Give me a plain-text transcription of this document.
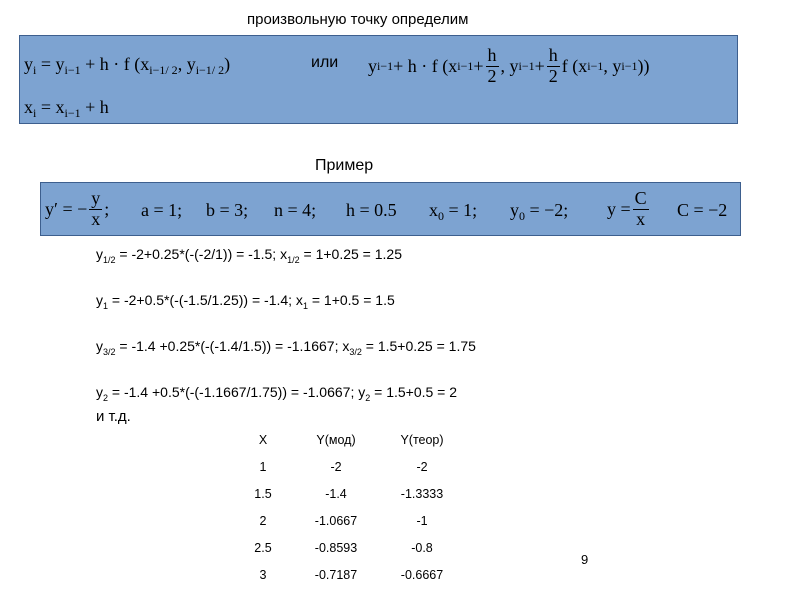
произвольную точку определим
$y_i = y_{i-1} + h \cdot f$ ($x_{i-1/ 2}$, $y_{i-1/ 2}$)	или y i−1 + h · f (x $i-1 + \frac{h}{2}$ , y $i-1 + \frac{h}{2}$ f (x i−1 , y i−1 ))
$x_i = x_{i-1} + h$
Пример
y′ = − $\frac{y}{x}$ ; a = 1; b = 3; n = 4; h = 0.5 $x_0 = 1$; $y_0 = -2$; $y = \frac{C}{x}$ C = −2
$y_{1/2} = -2+0.25*(-(-2/1)) = -1.5$; $x_{1/2} = 1+0.25 = 1.25$
$y_1 = -2+0.5*(-(-1.5/1.25)) = -1.4$; $x_1 = 1+0.5 = 1.5$
$y_{3/2} = -1.4 +0.25*(-(-1.4/1.5)) = -1.1667$; $x_{3/2} = 1.5+0.25 = 1.75$
$y_2 = -1.4 +0.5*(-(-1.1667/1.75)) = -1.0667$; $y_2 = 1.5+0.5 = 2$
и т.д.
X	Y(мод)	Y(теор)
1	-2	-2
1.5	-1.4	-1.3333
2	-1.0667	-1
2.5	-0.8593	-0.8
3	-0.7187	-0.6667
9
